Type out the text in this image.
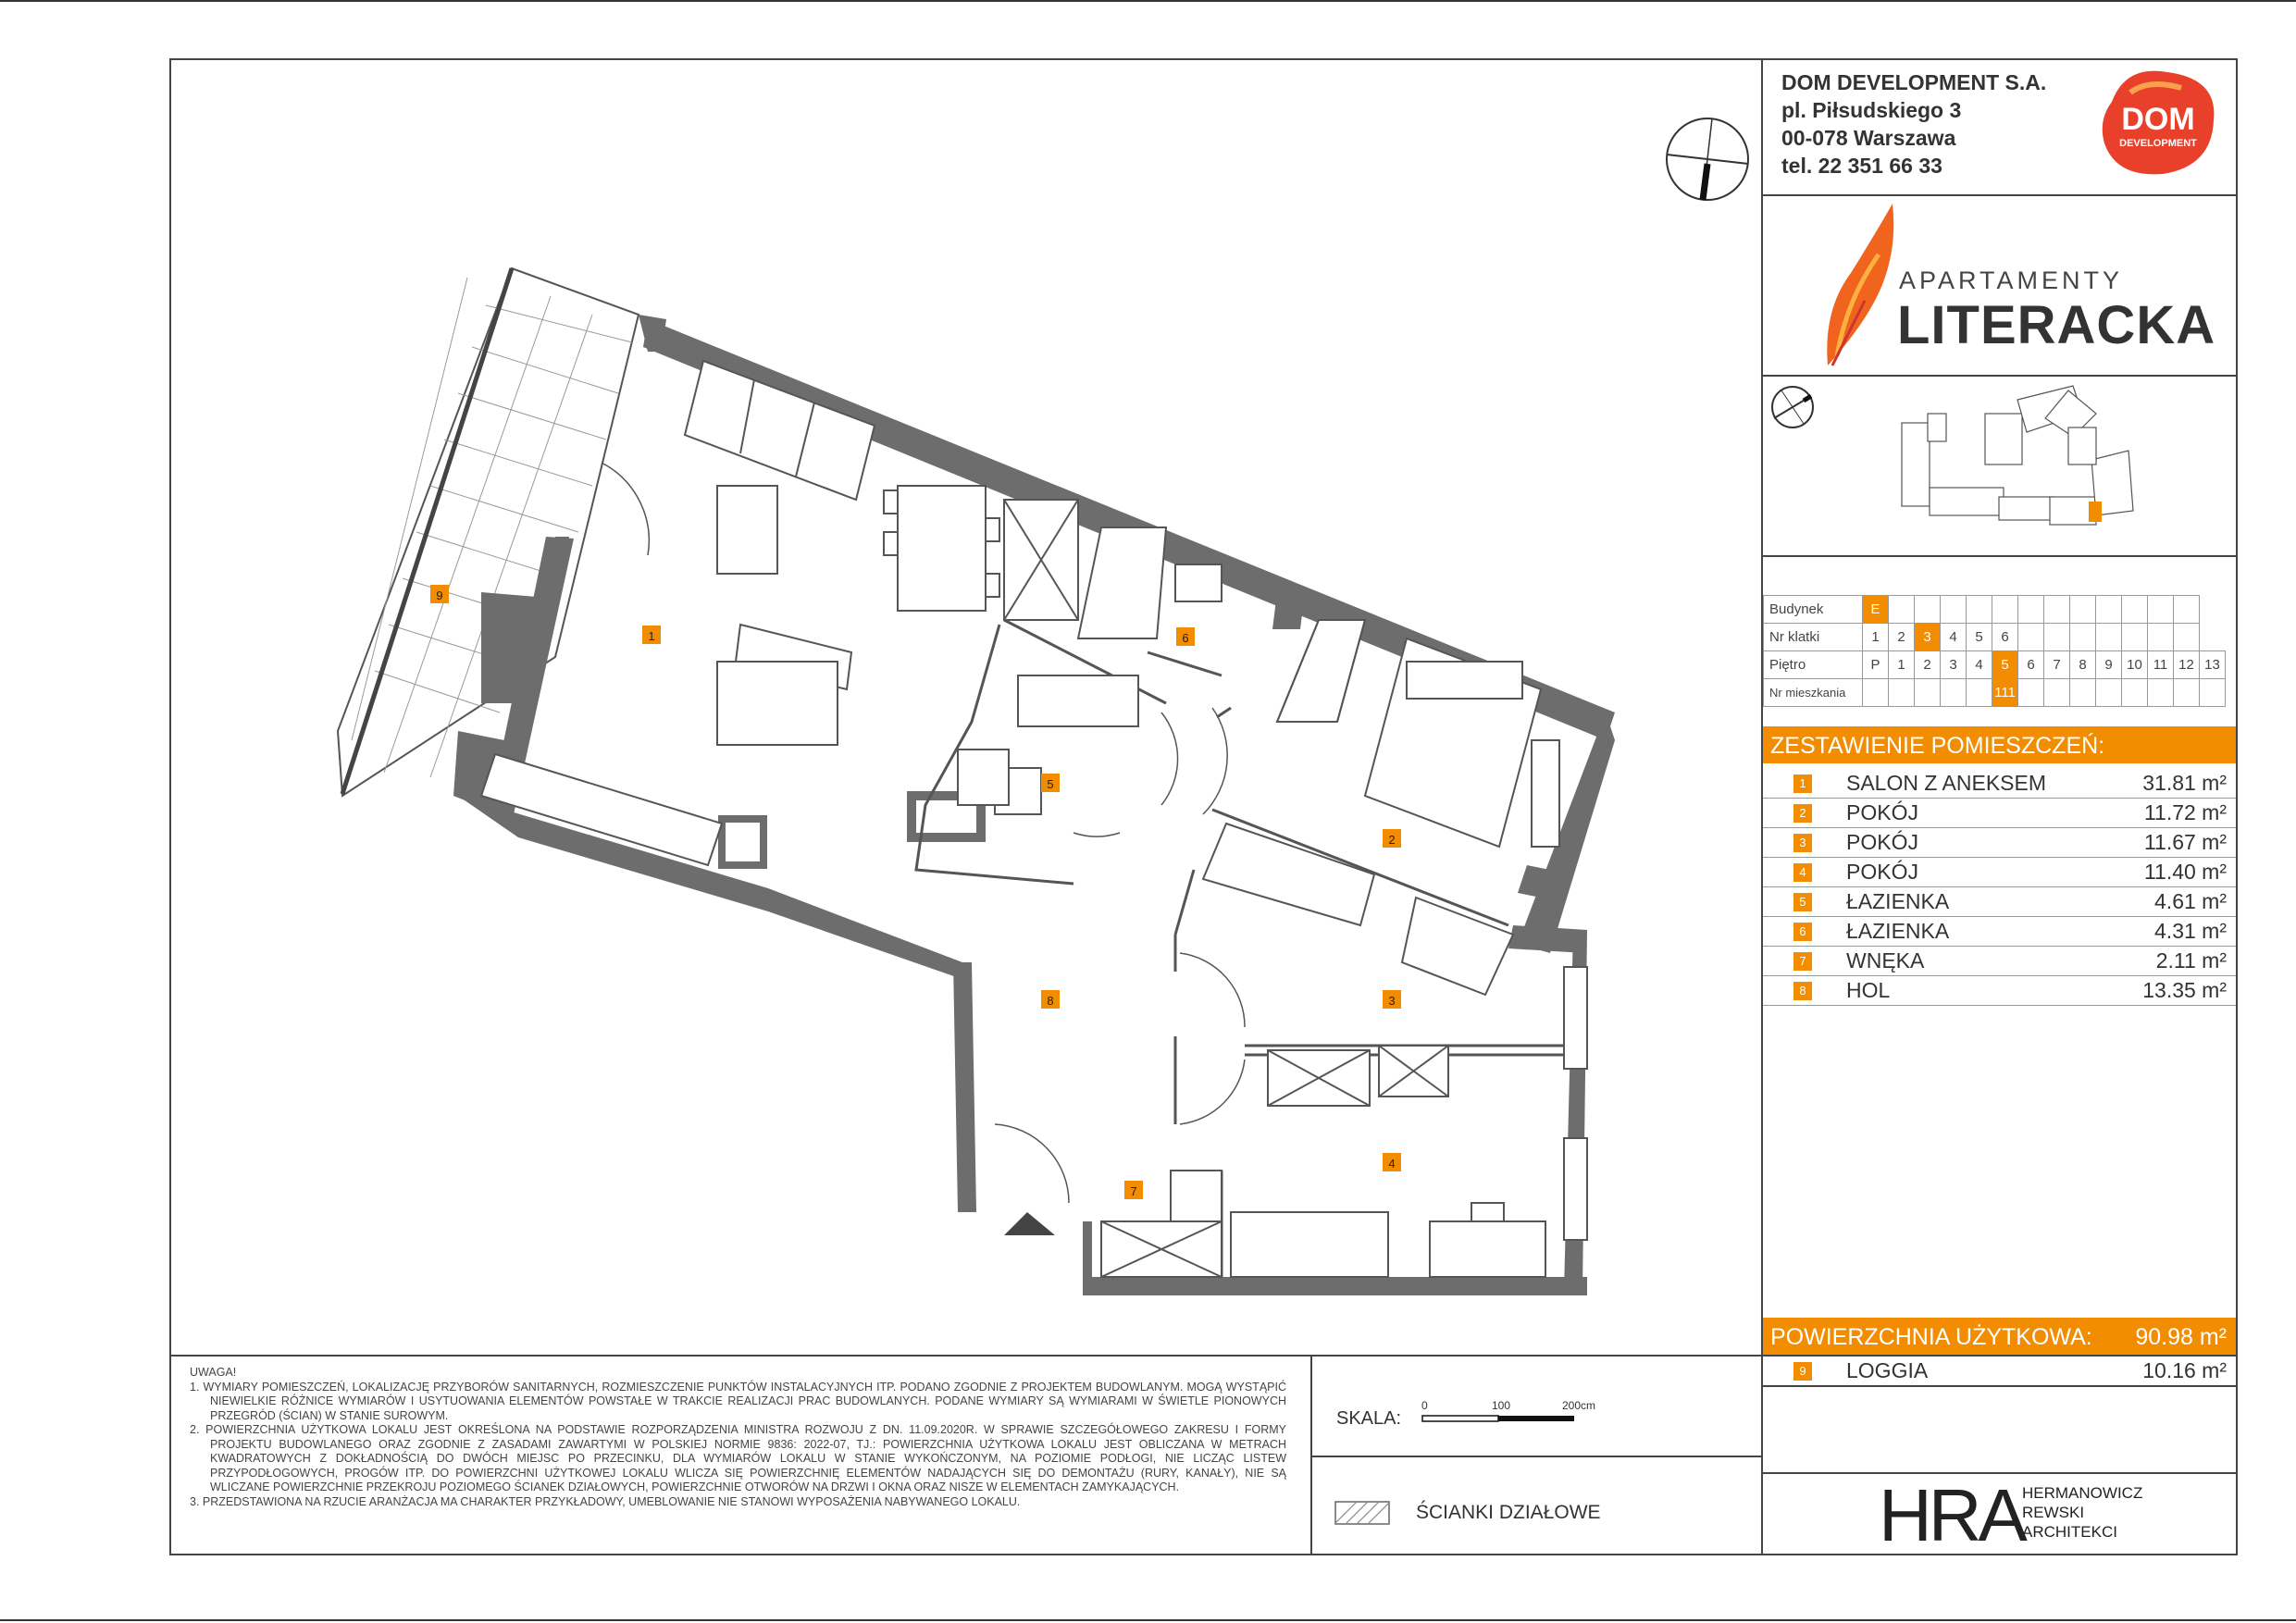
DOM DEVELOPMENT S.A.
pl. Piłsudskiego 3
00-078 Warszawa
tel. 22 351 66 33
DOM
DEVELOPMENT
APARTAMENTY
LITERACKA
Budynek	E													
Nr klatki	1	2	3	4	5	6								
Piętro	P	1	2	3	4	5	6	7	8	9	10	11	12	13
Nr mieszkania						111								
ZESTAWIENIE POMIESZCZEŃ:
1 SALON Z ANEKSEM	31.81 m²
2 POKÓJ	11.72 m²
3 POKÓJ	11.67 m²
4 POKÓJ	11.40 m²
5 ŁAZIENKA	4.61 m²
6 ŁAZIENKA	4.31 m²
7 WNĘKA	2.11 m²
8 HOL	13.35 m²
POWIERZCHNIA UŻYTKOWA: 90.98 m²
9 LOGGIA	10.16 m²
UWAGA!
1. WYMIARY POMIESZCZEŃ, LOKALIZACJĘ PRZYBORÓW SANITARNYCH, ROZMIESZCZENIE PUNKTÓW INSTALACYJNYCH ITP. PODANO ZGODNIE Z PROJEKTEM BUDOWLANYM. MOGĄ WYSTĄPIĆ NIEWIELKIE RÓŻNICE WYMIARÓW I USYTUOWANIA ELEMENTÓW POWSTAŁE W TRAKCIE REALIZACJI PRAC BUDOWLANYCH. PODANE WYMIARY SĄ WYMIARAMI W ŚWIETLE PIONOWYCH PRZEGRÓD (ŚCIAN) W STANIE SUROWYM.
2. POWIERZCHNIA UŻYTKOWA LOKALU JEST OKREŚLONA NA PODSTAWIE ROZPORZĄDZENIA MINISTRA ROZWOJU Z DN. 11.09.2020R. W SPRAWIE SZCZEGÓŁOWEGO ZAKRESU I FORMY PROJEKTU BUDOWLANEGO ORAZ ZGODNIE Z ZASADAMI ZAWARTYMI W POLSKIEJ NORMIE 9836: 2022-07, TJ.: POWIERZCHNIA UŻYTKOWA LOKALU JEST OBLICZANA W METRACH KWADRATOWYCH Z DOKŁADNOŚCIĄ DO DWÓCH MIEJSC PO PRZECINKU, DLA WYMIARÓW LOKALU W STANIE WYKOŃCZONYM, NA POZIOMIE PODŁOGI, NIE LICZĄC LISTEW PRZYPODŁOGOWYCH, PROGÓW ITP. DO POWIERZCHNI UŻYTKOWEJ LOKALU WLICZA SIĘ POWIERZCHNIĘ ELEMENTÓW NADAJĄCYCH SIĘ DO DEMONTAŻU (RURY, KANAŁY), NIE SĄ WLICZANE POWIERZCHNIE PRZEKROJU POZIOMEGO ŚCIANEK DZIAŁOWYCH, POWIERZCHNIE OTWORÓW NA DRZWI I OKNA ORAZ NISZE W ELEMENTACH ZAMYKAJĄCYCH.
3. PRZEDSTAWIONA NA RZUCIE ARANŻACJA MA CHARAKTER PRZYKŁADOWY, UMEBLOWANIE NIE STANOWI WYPOSAŻENIA NABYWANEGO LOKALU.
SKALA:
0	100	200cm
ŚCIANKI DZIAŁOWE	HRA
HERMANOWICZ
REWSKI
ARCHITEKCI
1
2
3
4
5
6
7
8
9
